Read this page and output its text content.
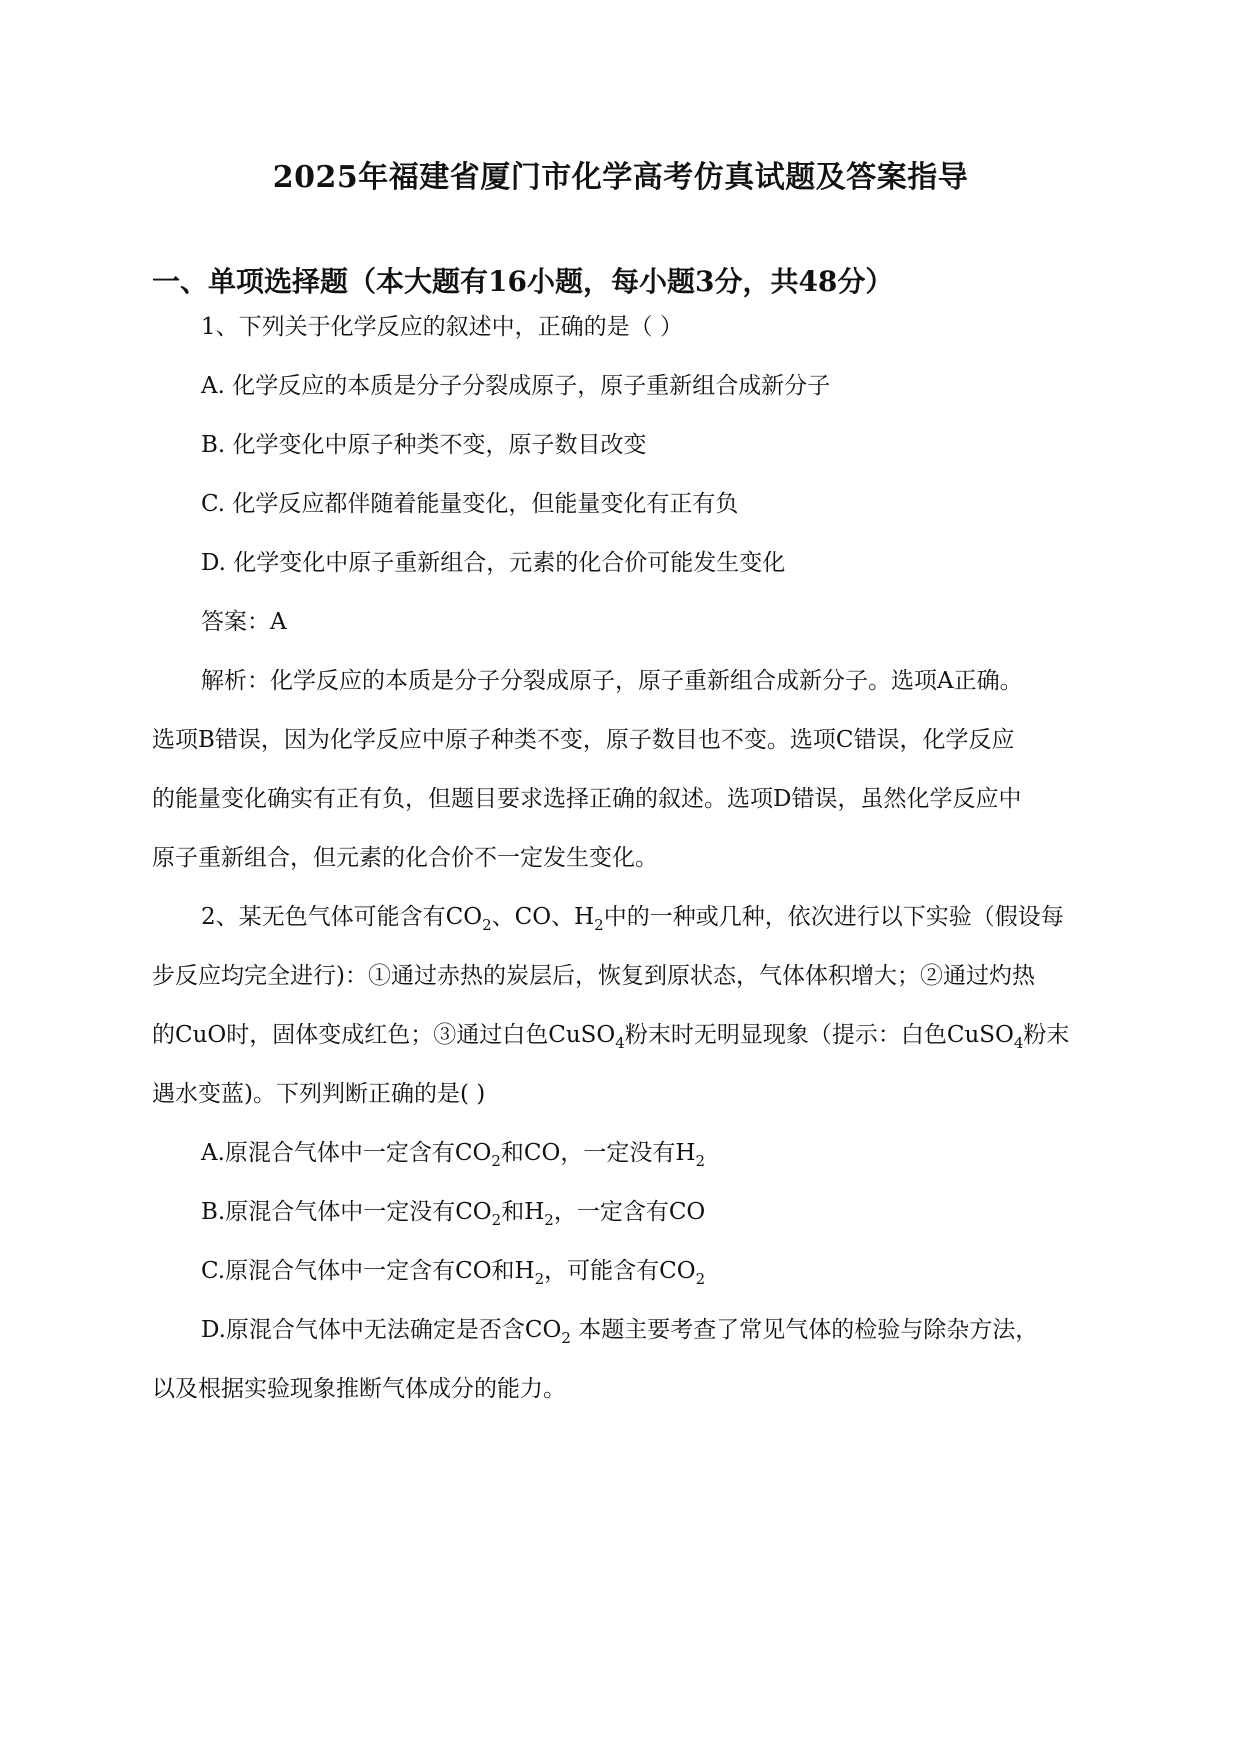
2025年福建省厦门市化学高考仿真试题及答案指导
一、单项选择题（本大题有16小题，每小题3分，共48分）
1、下列关于化学反应的叙述中，正确的是（ ）
A. 化学反应的本质是分子分裂成原子，原子重新组合成新分子
B. 化学变化中原子种类不变，原子数目改变
C. 化学反应都伴随着能量变化，但能量变化有正有负
D. 化学变化中原子重新组合，元素的化合价可能发生变化
答案：A
解析：化学反应的本质是分子分裂成原子，原子重新组合成新分子。选项A正确。
选项B错误，因为化学反应中原子种类不变，原子数目也不变。选项C错误，化学反应
的能量变化确实有正有负，但题目要求选择正确的叙述。选项D错误，虽然化学反应中
原子重新组合，但元素的化合价不一定发生变化。
2、某无色气体可能含有$CO_2$、CO、$H_2$中的一种或几种，依次进行以下实验（假设每
步反应均完全进行)：①通过赤热的炭层后，恢复到原状态，气体体积增大；②通过灼热
的CuO时，固体变成红色；③通过白色CuSO$_4$粉末时无明显现象（提示：白色CuSO$_4$粉末
遇水变蓝)。下列判断正确的是( )
A.原混合气体中一定含有$CO_2$和CO，一定没有$H_2$
B.原混合气体中一定没有$CO_2$和$H_2$，一定含有CO
C.原混合气体中一定含有CO和$H_2$，可能含有$CO_2$
D.原混合气体中无法确定是否含$CO_2$ 本题主要考查了常见气体的检验与除杂方法，
以及根据实验现象推断气体成分的能力。
